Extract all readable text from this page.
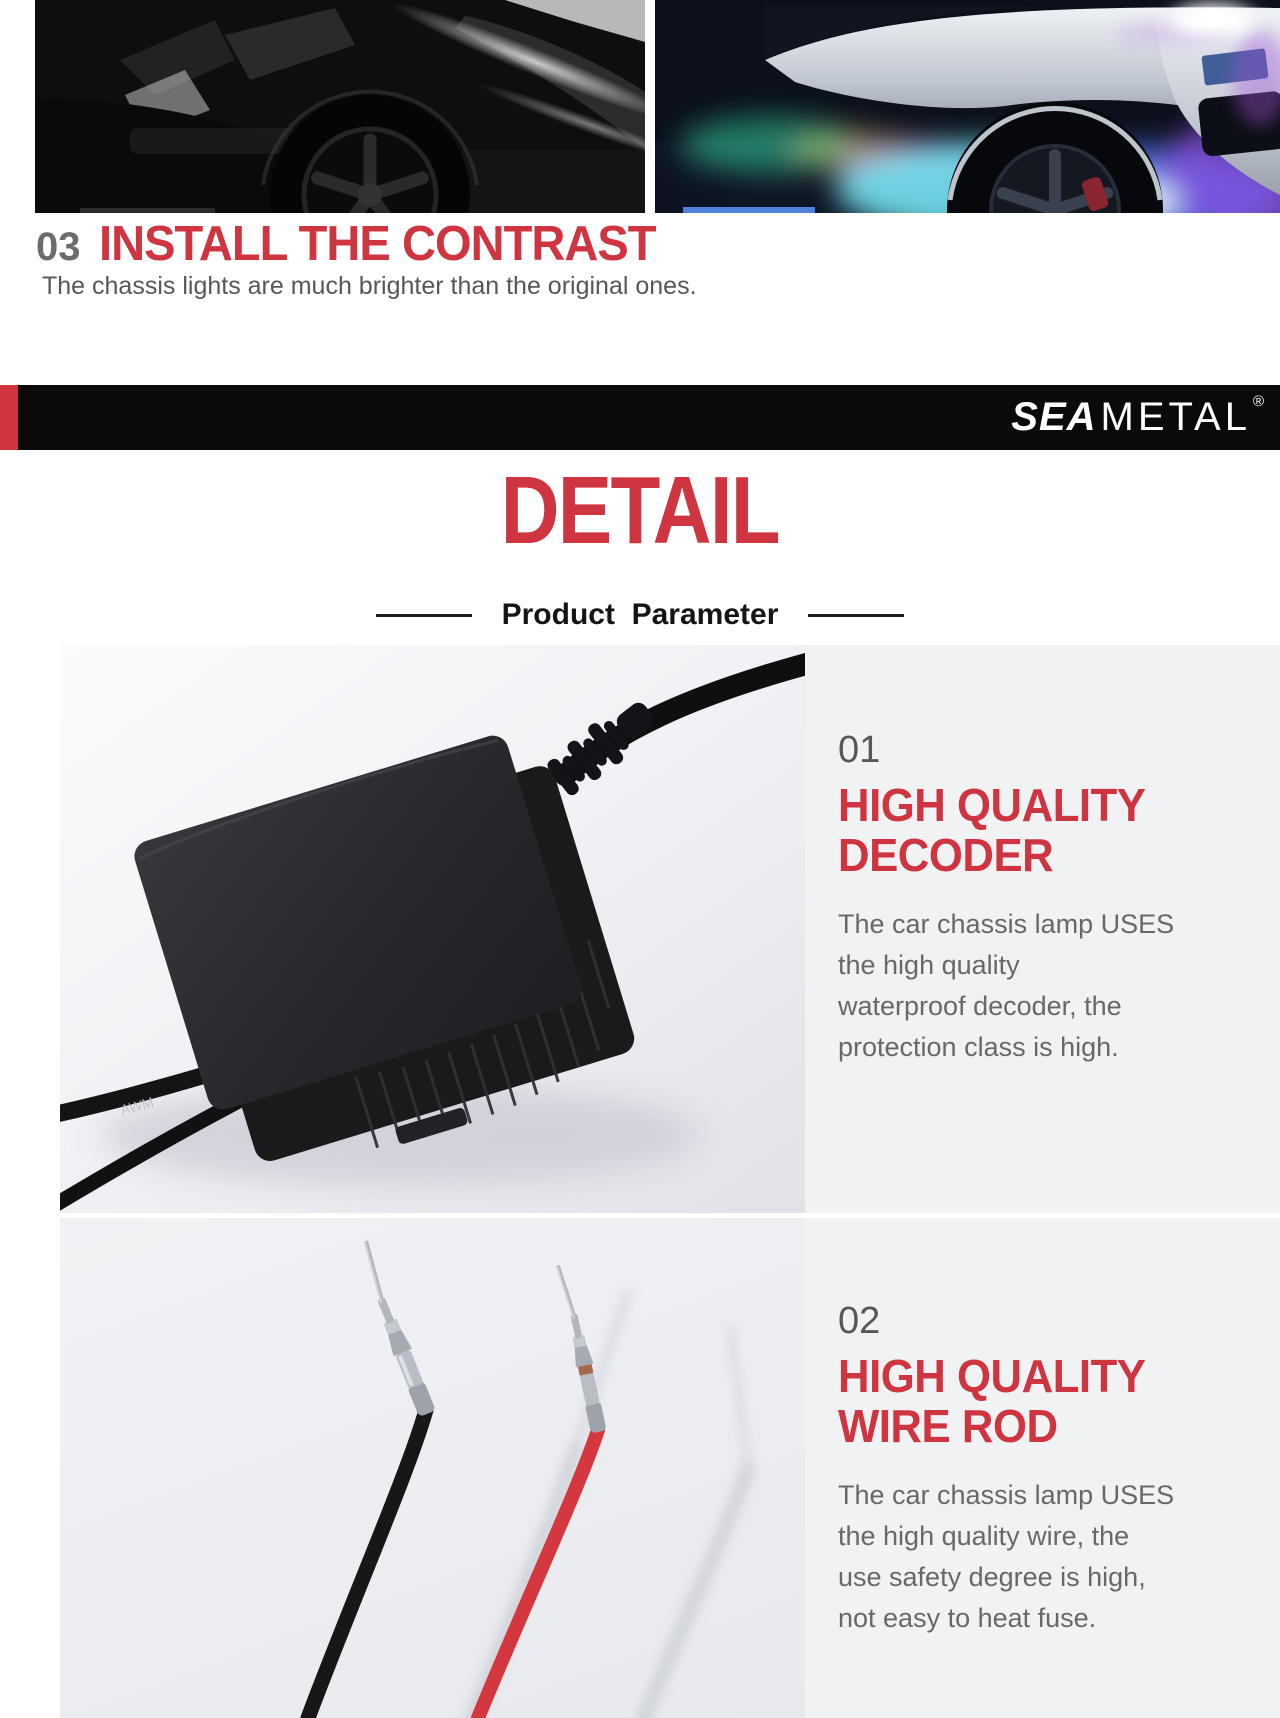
03 INSTALL THE CONTRAST
The chassis lights are much brighter than the original ones.
SEA METAL ®
DETAIL
Product  Parameter
AWM
01
HIGH QUALITY
DECODER
The car chassis lamp USES
the high quality
waterproof decoder, the
protection class is high.
02
HIGH QUALITY
WIRE ROD
The car chassis lamp USES
the high quality wire, the
use safety degree is high,
not easy to heat fuse.
